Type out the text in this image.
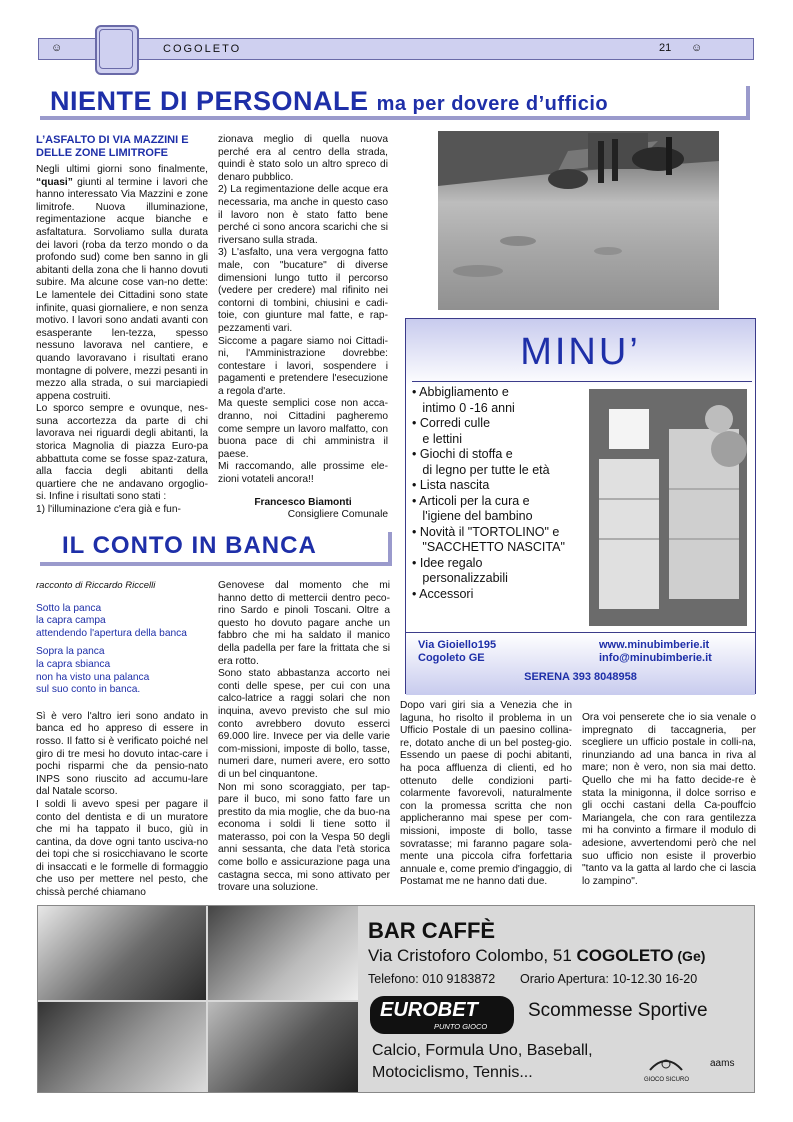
☺	COGOLETO	21 ☺
NIENTE DI PERSONALE ma per dovere d’ufficio
L’ASFALTO DI VIA MAZZINI E DELLE ZONE LIMITROFE

Negli ultimi giorni sono finalmente, “quasi” giunti al termine i lavori che hanno interessato Via Mazzini e zone limitrofe. Nuova illuminazione, regimentazione acque bianche e asfaltatura. Sorvoliamo sulla durata dei lavori (roba da terzo mondo o da profondo sud) come ben sanno in gli abitanti della zona che li hanno dovuti subire. Ma alcune cose van-no dette: Le lamentele dei Cittadini sono state infinite, quasi giornaliere, e non senza motivo. I lavori sono andati avanti con esasperante len-tezza, spesso nessuno lavorava nel cantiere, e quando lavoravano i risultati erano montagne di polvere, mezzi pesanti in mezzo alla strada, o sui marciapiedi appena costruiti.

Lo sporco sempre e ovunque, nes-suna accortezza da parte di chi lavorava nei riguardi degli abitanti, la storica Magnolia di piazza Euro-pa abbattuta come se fosse spaz-zatura, alla faccia degli abitanti della quartiere che ne andavano orgoglio-si. Infine i risultati sono stati :

1) l'illuminazione c'era già e fun-

zionava meglio di quella nuova perché era al centro della strada, quindi è stato solo un altro spreco di denaro pubblico.

2) La regimentazione delle acque era necessaria, ma anche in questo caso il lavoro non è stato fatto bene perché ci sono ancora scarichi che si riversano sulla strada.

3) L'asfalto, una vera vergogna fatto male, con "bucature" di diverse dimensioni lungo tutto il percorso (vedere per credere) mal rifinito nei contorni di tombini, chiusini e cadi-toie, con giunture mal fatte, e rap-pezzamenti vari.

Siccome a pagare siamo noi Cittadi-ni, l'Amministrazione dovrebbe: contestare i lavori, sospendere i pagamenti e pretendere l'esecuzione a regola d'arte.

Ma queste semplici cose non acca-dranno, noi Cittadini pagheremo come sempre un lavoro malfatto, con buona pace di chi amministra il paese.

Mi raccomando, alle prossime ele-zioni votateli ancora!!

Francesco Biamonti

Consigliere Comunale

MINU’
• Abbigliamento e
intimo 0 -16 anni
• Corredi culle
e lettini
• Giochi di stoffa e
di legno per tutte le età
• Lista nascita
• Articoli per la cura e
l'igiene del bambino
• Novità il "TORTOLINO" e
"SACCHETTO NASCITA"
• Idee regalo
personalizzabili
• Accessori
Via Gioiello195
Cogoleto GE
www.minubimberie.it
info@minubimberie.it
SERENA 393 8048958
IL CONTO IN BANCA

racconto di Riccardo Riccelli

Sotto la panca
la capra campa
attendendo l'apertura della banca
Sopra la panca
la capra sbianca
non ha visto una palanca
sul suo conto in banca.

Sì è vero l'altro ieri sono andato in banca ed ho appreso di essere in rosso. Il fatto si è verificato poiché nel giro di tre mesi ho dovuto intac-care i pochi risparmi che da pensio-nato INPS sono riuscito ad accumu-lare dal Natale scorso.

I soldi li avevo spesi per pagare il conto del dentista e di un muratore che mi ha tappato il buco, giù in cantina, da dove ogni tanto usciva-no dei topi che si rosicchiavano le scorte di insaccati e le formelle di formaggio che uso per mettere nel pesto, che chissà perché chiamano

Genovese dal momento che mi hanno detto di mettercii dentro peco-rino Sardo e pinoli Toscani. Oltre a questo ho dovuto pagare anche un fabbro che mi ha saldato il manico della padella per fare la frittata che si era rotto.

Sono stato abbastanza accorto nei conti delle spese, per cui con una calco-latrice a raggi solari che non inquina, avevo previsto che sul mio conto avrebbero dovuto esserci 69.000 lire. Invece per via delle varie com-missioni, imposte di bollo, tasse, numeri dare, numeri avere, ero sotto di un bel cinquantone.

Non mi sono scoraggiato, per tap-pare il buco, mi sono fatto fare un prestito da mia moglie, che da buo-na economa i soldi li tiene sotto il materasso, poi con la Vespa 50 degli anni sessanta, che data l'età storica come bollo e assicurazione paga una castagna secca, mi sono attivato per trovare una soluzione.

Dopo vari giri sia a Venezia che in laguna, ho risolto il problema in un Ufficio Postale di un paesino collina-re, dotato anche di un bel posteg-gio. Essendo un paese di pochi abitanti, ha poca affluenza di clienti, ed ho ottenuto delle condizioni parti-colarmente favorevoli, naturalmente con la promessa scritta che non applicheranno mai spese per com-missioni, imposte di bollo, tasse sovratasse; mi faranno pagare sola-mente una piccola cifra forfettaria annuale e, come premio d'ingaggio, di Postamat me ne hanno dati due.

Ora voi penserete che io sia venale o impregnato di taccagneria, per scegliere un ufficio postale in colli-na, rinunziando ad una banca in riva al mare; non è vero, non sia mai detto. Quello che mi ha fatto decide-re è stata la minigonna, il dolce sorriso e gli occhi castani della Ca-pouffcio Mariangela, che con rara gentilezza mi ha convinto a firmare il modulo di adesione, avvertendomi però che nel suo ufficio non esiste il proverbio "tanto va la gatta al lardo che ci lascia lo zampino".

BAR CAFFÈ
Via Cristoforo Colombo, 51 COGOLETO (Ge)
Telefono: 010 9183872 Orario Apertura: 10-12.30 16-20
EUROBET
PUNTO GIOCO
Scommesse Sportive
Calcio, Formula Uno, Baseball,
Motociclismo, Tennis...	GIOCO SICURO
aams
